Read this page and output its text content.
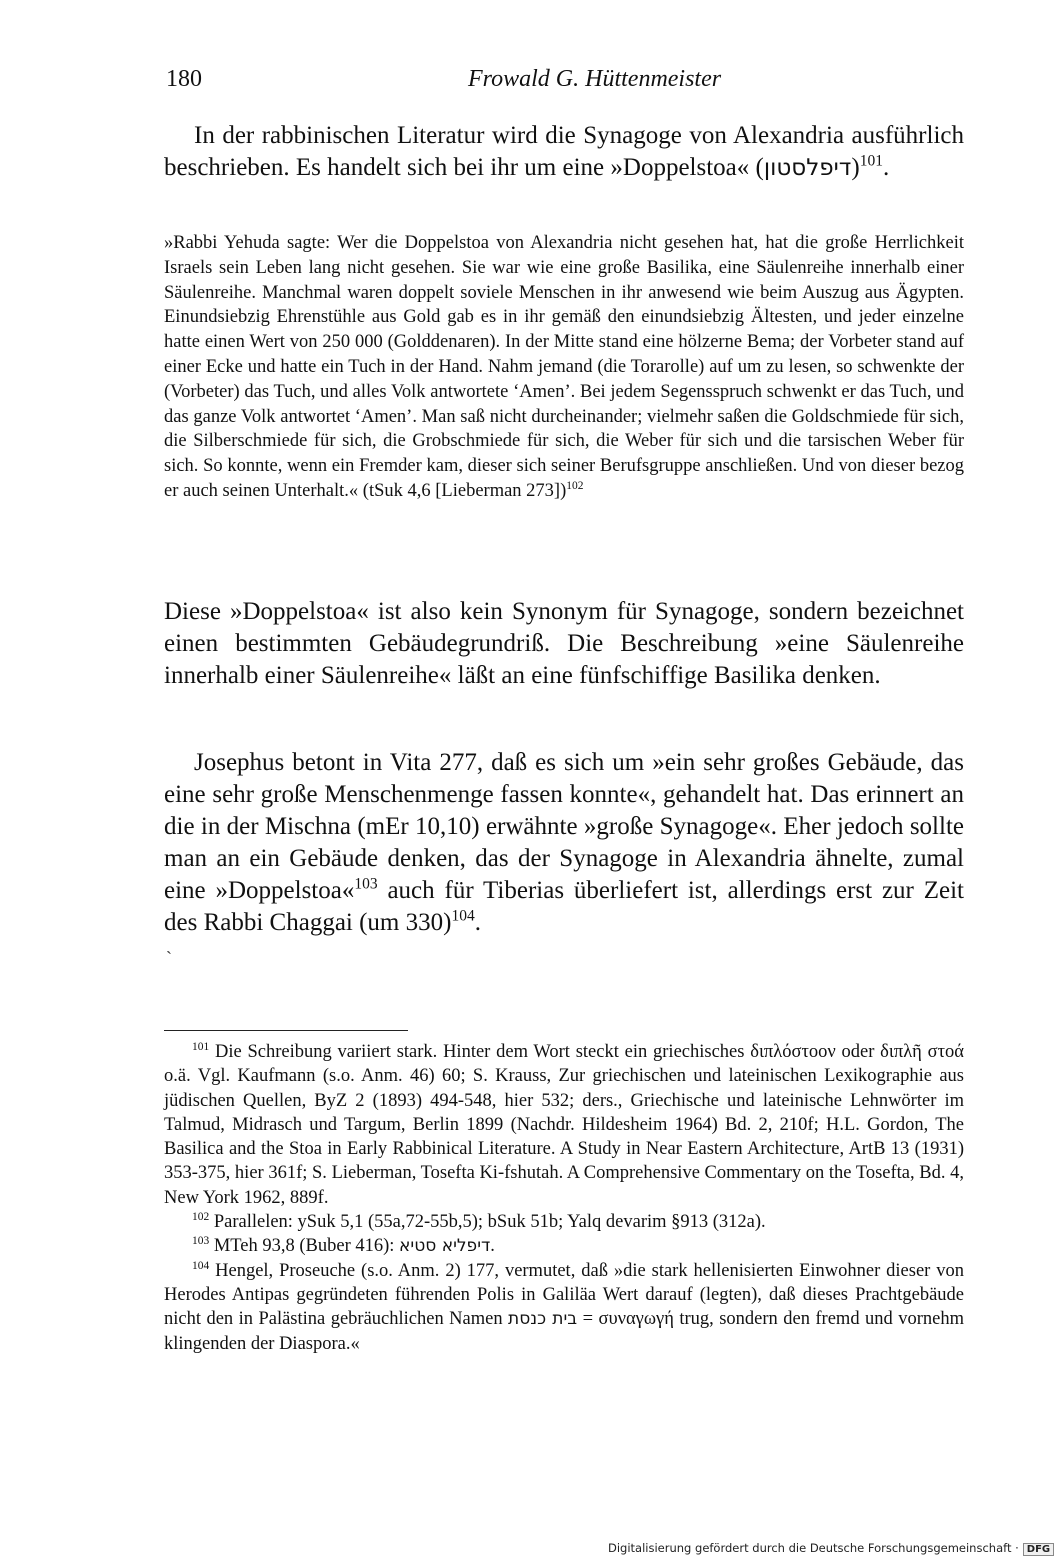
180	Frowald G. Hüttenmeister
In der rabbinischen Literatur wird die Synagoge von Alexandria ausführlich beschrieben. Es handelt sich bei ihr um eine »Doppelstoa« (דיפלסטון)$^{101}$.
»Rabbi Yehuda sagte: Wer die Doppelstoa von Alexandria nicht gesehen hat, hat die große Herrlichkeit Israels sein Leben lang nicht gesehen. Sie war wie eine große Basilika, eine Säulenreihe innerhalb einer Säulenreihe. Manchmal waren doppelt soviele Menschen in ihr anwesend wie beim Auszug aus Ägypten. Einundsiebzig Ehrenstühle aus Gold gab es in ihr gemäß den einundsiebzig Ältesten, und jeder einzelne hatte einen Wert von 250 000 (Golddenaren). In der Mitte stand eine hölzerne Bema; der Vorbeter stand auf einer Ecke und hatte ein Tuch in der Hand. Nahm jemand (die Torarolle) auf um zu lesen, so schwenkte der (Vorbeter) das Tuch, und alles Volk antwortete ‘Amen’. Bei jedem Segensspruch schwenkt er das Tuch, und das ganze Volk antwortet ‘Amen’. Man saß nicht durcheinander; vielmehr saßen die Goldschmiede für sich, die Silberschmiede für sich, die Grobschmiede für sich, die Weber für sich und die tarsischen Weber für sich. So konnte, wenn ein Fremder kam, dieser sich seiner Berufsgruppe anschließen. Und von dieser bezog er auch seinen Unterhalt.« (tSuk 4,6 [Lieberman 273])$^{102}$
Diese »Doppelstoa« ist also kein Synonym für Synagoge, sondern bezeichnet einen bestimmten Gebäudegrundriß. Die Beschreibung »eine Säulenreihe innerhalb einer Säulenreihe« läßt an eine fünfschiffige Basilika denken.
Josephus betont in Vita 277, daß es sich um »ein sehr großes Gebäude, das eine sehr große Menschenmenge fassen konnte«, gehandelt hat. Das erinnert an die in der Mischna (mEr 10,10) erwähnte »große Synagoge«. Eher jedoch sollte man an ein Gebäude denken, das der Synagoge in Alexandria ähnelte, zumal eine »Doppelstoa«$^{103}$ auch für Tiberias überliefert ist, allerdings erst zur Zeit des Rabbi Chaggai (um 330)$^{104}$.
`
$^{101}$ Die Schreibung variiert stark. Hinter dem Wort steckt ein griechisches διπλόστοον oder διπλῆ στοά o.ä. Vgl. Kaufmann (s.o. Anm. 46) 60; S. Krauss, Zur griechischen und lateinischen Lexikographie aus jüdischen Quellen, ByZ 2 (1893) 494-548, hier 532; ders., Griechische und lateinische Lehnwörter im Talmud, Midrasch und Targum, Berlin 1899 (Nachdr. Hildesheim 1964) Bd. 2, 210f; H.L. Gordon, The Basilica and the Stoa in Early Rabbinical Literature. A Study in Near Eastern Architecture, ArtB 13 (1931) 353-375, hier 361f; S. Lieberman, Tosefta Ki-fshutah. A Comprehensive Commentary on the Tosefta, Bd. 4, New York 1962, 889f.
$^{102}$ Parallelen: ySuk 5,1 (55a,72-55b,5); bSuk 51b; Yalq devarim §913 (312a).
$^{103}$ MTeh 93,8 (Buber 416): דיפליא סטיא.
$^{104}$ Hengel, Proseuche (s.o. Anm. 2) 177, vermutet, daß »die stark hellenisierten Einwohner dieser von Herodes Antipas gegründeten führenden Polis in Galiläa Wert darauf (legten), daß dieses Prachtgebäude nicht den in Palästina gebräuchlichen Namen בית כנסת = συναγωγή trug, sondern den fremd und vornehm klingenden der Diaspora.«
Digitalisierung gefördert durch die Deutsche Forschungsgemeinschaft · DFG
